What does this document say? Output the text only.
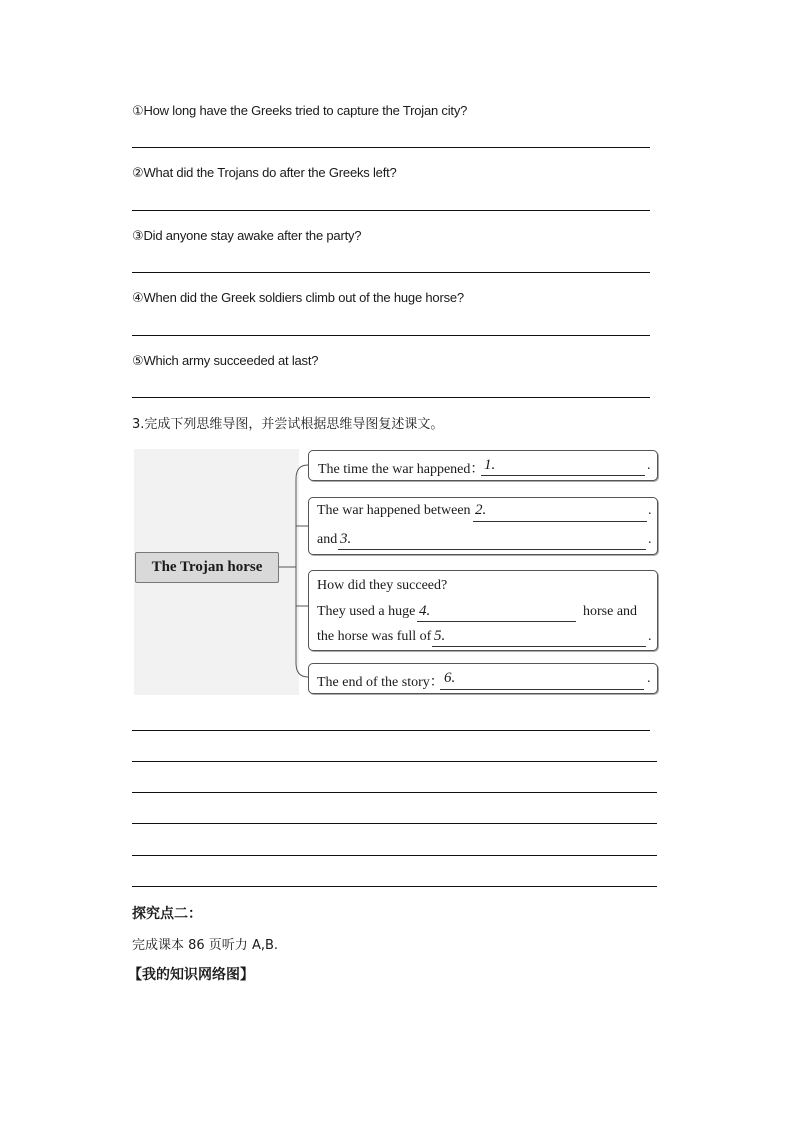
①How long have the Greeks tried to capture the Trojan city?
②What did the Trojans do after the Greeks left?
③Did anyone stay awake after the party?
④When did the Greek soldiers climb out of the huge horse?
⑤Which army succeeded at last?
3.完成下列思维导图，并尝试根据思维导图复述课文。
The Trojan horse
The time the war happened： 1.	.
The war happened between 2.	.
and 3.	.
How did they succeed?
They used a huge 4.	horse and
the horse was full of 5.	.
The end of the story： 6.	.
探究点二：
完成课本 86 页听力 A,B.
【我的知识网络图】
